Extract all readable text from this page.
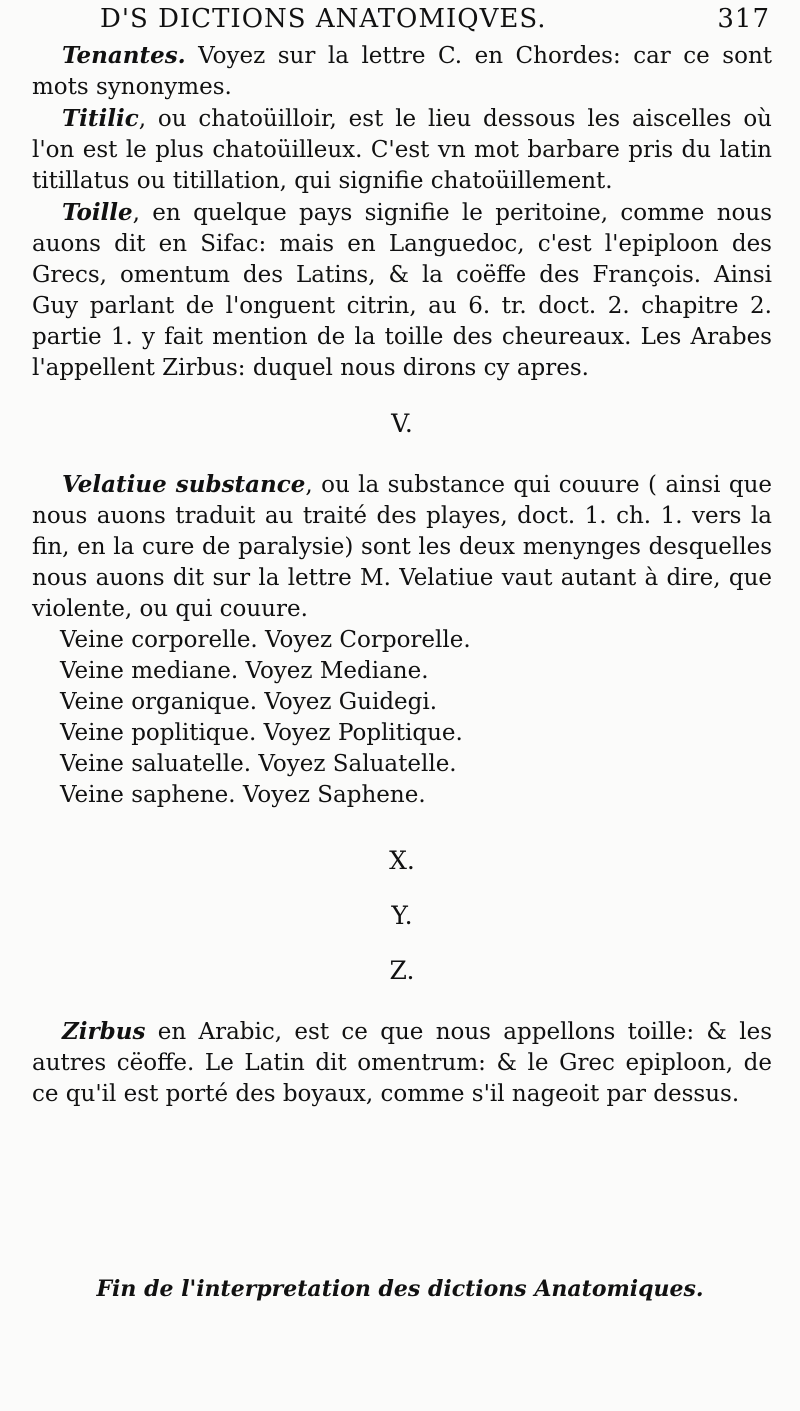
D'S DICTIONS ANATOMIQVES.	317

Tenantes. Voyez sur la lettre C. en Chordes: car ce sont mots synonymes.

Titilic, ou chatoüilloir, est le lieu dessous les aiscelles où l'on est le plus chatoüilleux. C'est vn mot barbare pris du latin titillatus ou titillation, qui signifie chatoüillement.

Toille, en quelque pays signifie le peritoine, comme nous auons dit en Sifac: mais en Languedoc, c'est l'epiploon des Grecs, omentum des Latins, & la coëffe des François. Ainsi Guy parlant de l'onguent citrin, au 6. tr. doct. 2. chapitre 2. partie 1. y fait mention de la toille des cheureaux. Les Arabes l'appellent Zirbus: duquel nous dirons cy apres.

V.

Velatiue substance, ou la substance qui couure ( ainsi que nous auons traduit au traité des playes, doct. 1. ch. 1. vers la fin, en la cure de paralysie) sont les deux menynges desquelles nous auons dit sur la lettre M. Velatiue vaut autant à dire, que violente, ou qui couure.

Veine corporelle. Voyez Corporelle.
Veine mediane. Voyez Mediane.
Veine organique. Voyez Guidegi.
Veine poplitique. Voyez Poplitique.
Veine saluatelle. Voyez Saluatelle.
Veine saphene. Voyez Saphene.

X.

Y.

Z.

Zirbus en Arabic, est ce que nous appellons toille: & les autres cëoffe. Le Latin dit omentrum: & le Grec epiploon, de ce qu'il est porté des boyaux, comme s'il nageoit par dessus.

Fin de l'interpretation des dictions Anatomiques.
